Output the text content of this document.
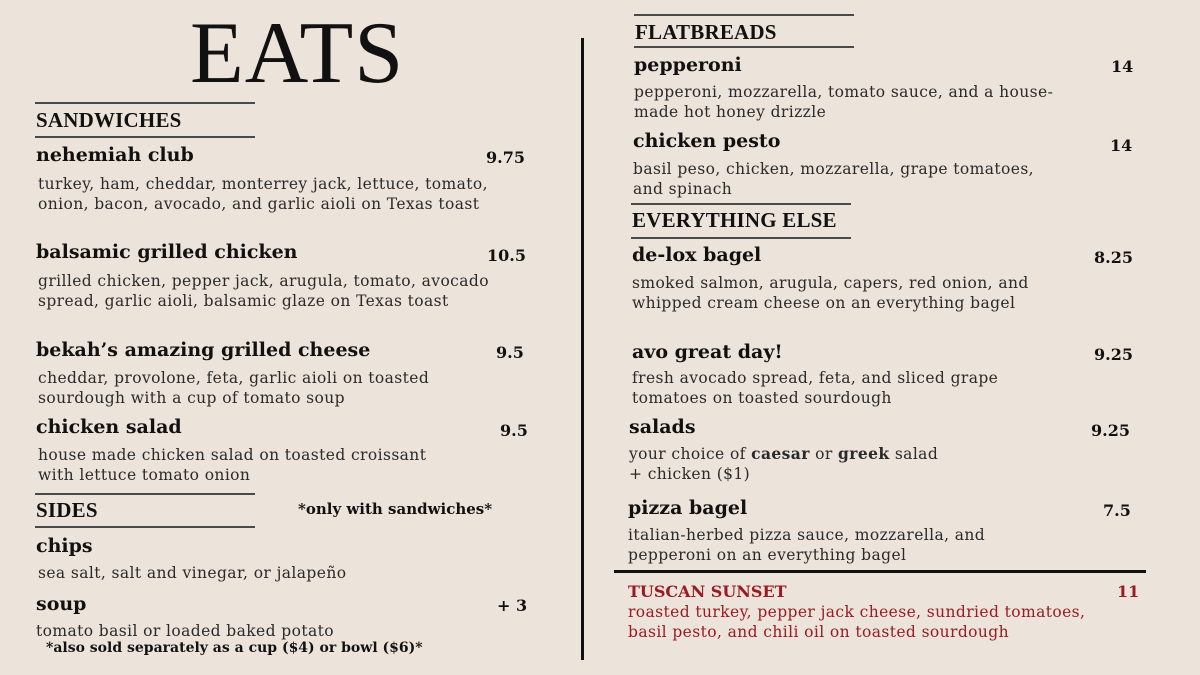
EATS
SANDWICHES
nehemiah club	9.75
turkey, ham, cheddar, monterrey jack, lettuce, tomato, onion, bacon, avocado, and garlic aioli on Texas toast
balsamic grilled chicken	10.5
grilled chicken, pepper jack, arugula, tomato, avocado spread, garlic aioli, balsamic glaze on Texas toast
bekah’s amazing grilled cheese	9.5
cheddar, provolone, feta, garlic aioli on toasted sourdough with a cup of tomato soup
chicken salad	9.5
house made chicken salad on toasted croissant with lettuce tomato onion
SIDES	*only with sandwiches*
chips
sea salt, salt and vinegar, or jalapeño
soup	+ 3
tomato basil or loaded baked potato
*also sold separately as a cup ($4) or bowl ($6)*
FLATBREADS
pepperoni	14
pepperoni, mozzarella, tomato sauce, and a house-made hot honey drizzle
chicken pesto	14
basil peso, chicken, mozzarella, grape tomatoes, and spinach
EVERYTHING ELSE
de-lox bagel	8.25
smoked salmon, arugula, capers, red onion, and whipped cream cheese on an everything bagel
avo great day!	9.25
fresh avocado spread, feta, and sliced grape tomatoes on toasted sourdough
salads	9.25
your choice of caesar or greek salad
+ chicken ($1)
pizza bagel	7.5
italian-herbed pizza sauce, mozzarella, and pepperoni on an everything bagel
TUSCAN SUNSET	11
roasted turkey, pepper jack cheese, sundried tomatoes, basil pesto, and chili oil on toasted sourdough
